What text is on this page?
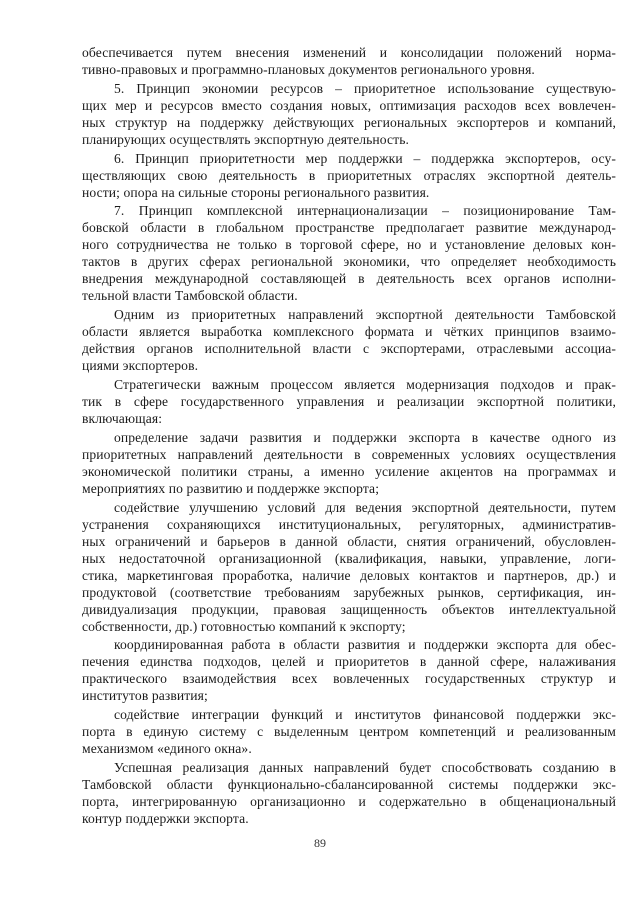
обеспечивается путем внесения изменений и консолидации положений норма-
тивно-правовых и программно-плановых документов регионального уровня.
5. Принцип экономии ресурсов – приоритетное использование существую-
щих мер и ресурсов вместо создания новых, оптимизация расходов всех вовлечен-
ных структур на поддержку действующих региональных экспортеров и компаний,
планирующих осуществлять экспортную деятельность.
6. Принцип приоритетности мер поддержки – поддержка экспортеров, осу-
ществляющих свою деятельность в приоритетных отраслях экспортной деятель-
ности; опора на сильные стороны регионального развития.
7. Принцип комплексной интернационализации – позиционирование Там-
бовской области в глобальном пространстве предполагает развитие международ-
ного сотрудничества не только в торговой сфере, но и установление деловых кон-
тактов в других сферах региональной экономики, что определяет необходимость
внедрения международной составляющей в деятельность всех органов исполни-
тельной власти Тамбовской области.
Одним из приоритетных направлений экспортной деятельности Тамбовской
области является выработка комплексного формата и чётких принципов взаимо-
действия органов исполнительной власти с экспортерами, отраслевыми ассоциа-
циями экспортеров.
Стратегически важным процессом является модернизация подходов и прак-
тик в сфере государственного управления и реализации экспортной политики,
включающая:
определение задачи развития и поддержки экспорта в качестве одного из
приоритетных направлений деятельности в современных условиях осуществления
экономической политики страны, а именно усиление акцентов на программах и
мероприятиях по развитию и поддержке экспорта;
содействие улучшению условий для ведения экспортной деятельности, путем
устранения сохраняющихся институциональных, регуляторных, административ-
ных ограничений и барьеров в данной области, снятия ограничений, обусловлен-
ных недостаточной организационной (квалификация, навыки, управление, логи-
стика, маркетинговая проработка, наличие деловых контактов и партнеров, др.) и
продуктовой (соответствие требованиям зарубежных рынков, сертификация, ин-
дивидуализация продукции, правовая защищенность объектов интеллектуальной
собственности, др.) готовностью компаний к экспорту;
координированная работа в области развития и поддержки экспорта для обес-
печения единства подходов, целей и приоритетов в данной сфере, налаживания
практического взаимодействия всех вовлеченных государственных структур и
институтов развития;
содействие интеграции функций и институтов финансовой поддержки экс-
порта в единую систему с выделенным центром компетенций и реализованным
механизмом «единого окна».
Успешная реализация данных направлений будет способствовать созданию в
Тамбовской области функционально-сбалансированной системы поддержки экс-
порта, интегрированную организационно и содержательно в общенациональный
контур поддержки экспорта.
89
